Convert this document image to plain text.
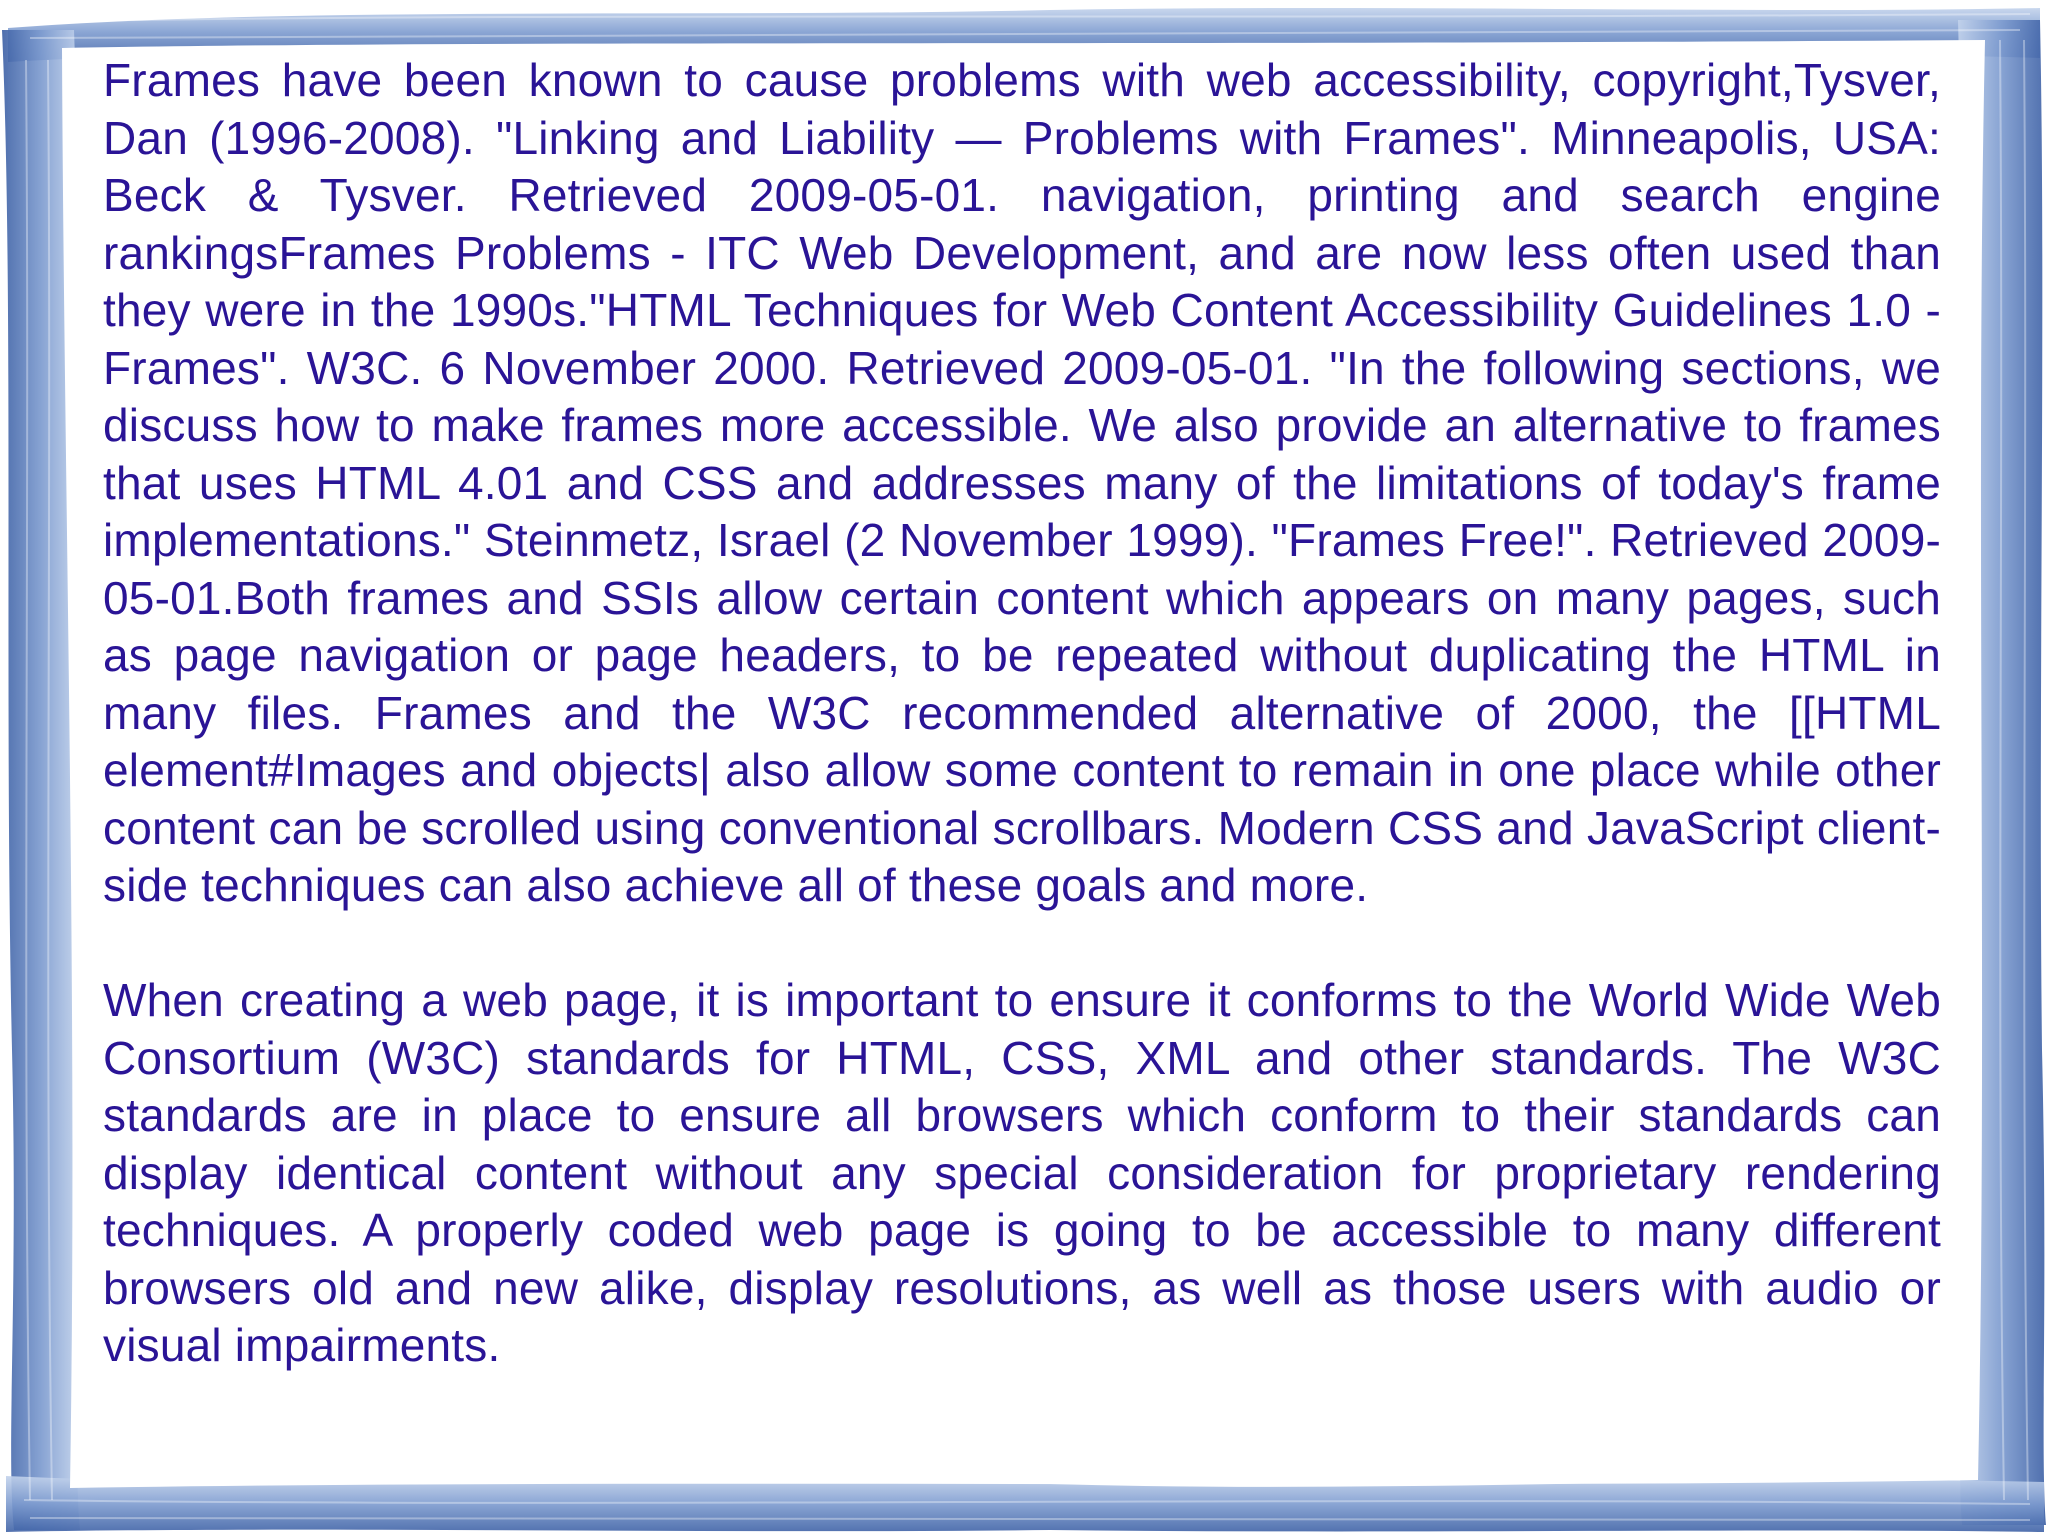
Frames have been known to cause problems with web accessibility, copyright,Tysver, Dan (1996-2008). "Linking and Liability — Problems with Frames". Minneapolis, USA: Beck & Tysver. Retrieved 2009-05-01. navigation, printing and search engine rankingsFrames Problems - ITC Web Development, and are now less often used than they were in the 1990s."HTML Techniques for Web Content Accessibility Guidelines 1.0 - Frames". W3C. 6 November 2000. Retrieved 2009-05-01. "In the following sections, we discuss how to make frames more accessible. We also provide an alternative to frames that uses HTML 4.01 and CSS and addresses many of the limitations of today's frame implementations." Steinmetz, Israel (2 November 1999). "Frames Free!". Retrieved 2009-05-01.Both frames and SSIs allow certain content which appears on many pages, such as page navigation or page headers, to be repeated without duplicating the HTML in many files. Frames and the W3C recommended alternative of 2000, the [[HTML element#Images and objects| also allow some content to remain in one place while other content can be scrolled using conventional scrollbars. Modern CSS and JavaScript client-side techniques can also achieve all of these goals and more.

When creating a web page, it is important to ensure it conforms to the World Wide Web Consortium (W3C) standards for HTML, CSS, XML and other standards. The W3C standards are in place to ensure all browsers which conform to their standards can display identical content without any special consideration for proprietary rendering techniques. A properly coded web page is going to be accessible to many different browsers old and new alike, display resolutions, as well as those users with audio or visual impairments.
